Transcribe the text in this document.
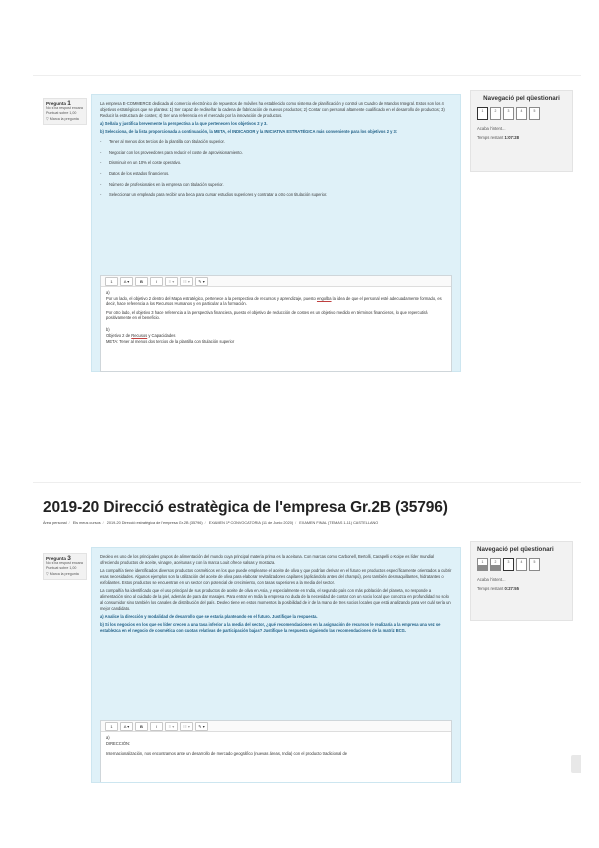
Pregunta 1
No s'ha respost encara
Puntuat sobre 1,00
▽ Marca la pregunta

La empresa E-COMMERCE dedicada al comercio electrónico de repuestos de móviles ha establecido como sistema de planificación y control un Cuadro de Mandos Integral. Estos son los 4 objetivos estratégicos que se plantea: 1) Ser capaz de rediseñar la cadena de fabricación de nuevos productos; 2) Contar con personal altamente cualificado en el desarrollo de productos; 3) Reducir la estructura de costes; 4) Ser una referencia en el mercado por la innovación de productos.

a) Señala y justifica brevemente la perspectiva a la que pertenecen los objetivos 2 y 3.

b) Selecciona, de la lista proporcionada a continuación, la META, el INDICADOR y la INICIATIVA ESTRATÉGICA más conveniente para los objetivos 2 y 3:

- Tener al menos dos tercios de la plantilla con titulación superior.
- Negociar con los proveedores para reducir el coste de aprovisionamiento.
- Disminuir en un 10% el coste operativo.
- Datos de los estados financieros.
- Número de profesionales en la empresa con titulación superior.
- Seleccionar un empleado para recibir una beca para cursar estudios superiores y contratar a otro con titulación superior.
1	A ▾	B	I	≡ ▾	⁝≡ ▾	✎ ▾

a)

Por un lado, el objetivo 2 dentro del Mapa estratégico, pertenece a la perspectiva de recursos y aprendizaje, puesto engolba la idea de que el personal esté adecuadamente formado, es decir, hace referencia a los Recursos Humanos y en particular a la formación.

Por otro lado, el objetivo 3 hace referencia a la perspectiva financiera, puesto el objetivo de reducción de costes es un objetivo medido en términos financieros, lo que repercutirá positivamente en el beneficio.

b)

Objetivo 2 de Recusos y Capacidades

META: Tener al menos dos tercios de la plantilla con titulación superior

Navegació pel qüestionari
1	2	3	4	5
Acaba l'intent...
Temps restant 1:07:28
2019-20 Direcció estratègica de l'empresa Gr.2B (35796)
Àrea personal / Els meus cursos / 2019-20 Direcció estratègica de l'empresa Gr.2B (35796) / EXAMEN 1ª CONVOCATORIA (11 de Junio 2020) / EXAMEN FINAL (TEMAS 1-11) CASTELLANO
Pregunta 3
No s'ha respost encara
Puntuat sobre 1,00
▽ Marca la pregunta

Deoleo es uno de los principales grupos de alimentación del mundo cuya principal materia prima es la aceituna. Con marcas como Carbonell, Bertolli, Carapelli o Koipe es líder mundial ofreciendo productos de aceite, vinagre, aceitunas y con la marca Louit ofrece salsas y mostaza.

La compañía tiene identificados diversos productos cosméticos en los que puede emplearse el aceite de oliva y que podrían derivar en el futuro en productos específicamente orientados a cubrir esas necesidades. Algunos ejemplos son la utilización del aceite de oliva para elaborar revitalizadores capilares (aplicándolo antes del champú), pero también desmaquillantes, hidratantes o exfoliantes. Estos productos se encuentran en un sector con potencial de crecimiento, con tasas superiores a la media del sector.

La compañía ha identificado que el uso principal de sus productos de aceite de oliva en Asia, y especialmente en India, el segundo país con más población del planeta, no responde a alimentación sino al cuidado de la piel, además de para dar masajes. Para entrar en India la empresa no duda de la necesidad de contar con un socio local que conozca en profundidad no solo al consumidor sino también los canales de distribución del país. Deoleo tiene en estos momentos la posibilidad de ir de la mano de tres socios locales que está analizando para ver cuál sería un mejor candidato.

a) Analice la dirección y modalidad de desarrollo que se estaría planteando en el futuro. Justifique la respuesta.

b) Si los negocios en los que es líder crecen a una tasa inferior a la media del sector, ¿qué recomendaciones en la asignación de recursos le realizaría a la empresa una vez se establezca en el negocio de cosmética con cuotas relativas de participación bajas? Justifique la respuesta siguiendo las recomendaciones de la matriz BCG.

1	A ▾	B	I	≡ ▾	⁝≡ ▾	✎ ▾

a)

DIRECCIÓN:

Internacionalización, nos encontramos ante un desarrollo de mercado geográfico (nuevas áreas, India) con el producto tradicional de

Navegació pel qüestionari
1	2	3	4	5
Acaba l'intent...
Temps restant 0:27:55
